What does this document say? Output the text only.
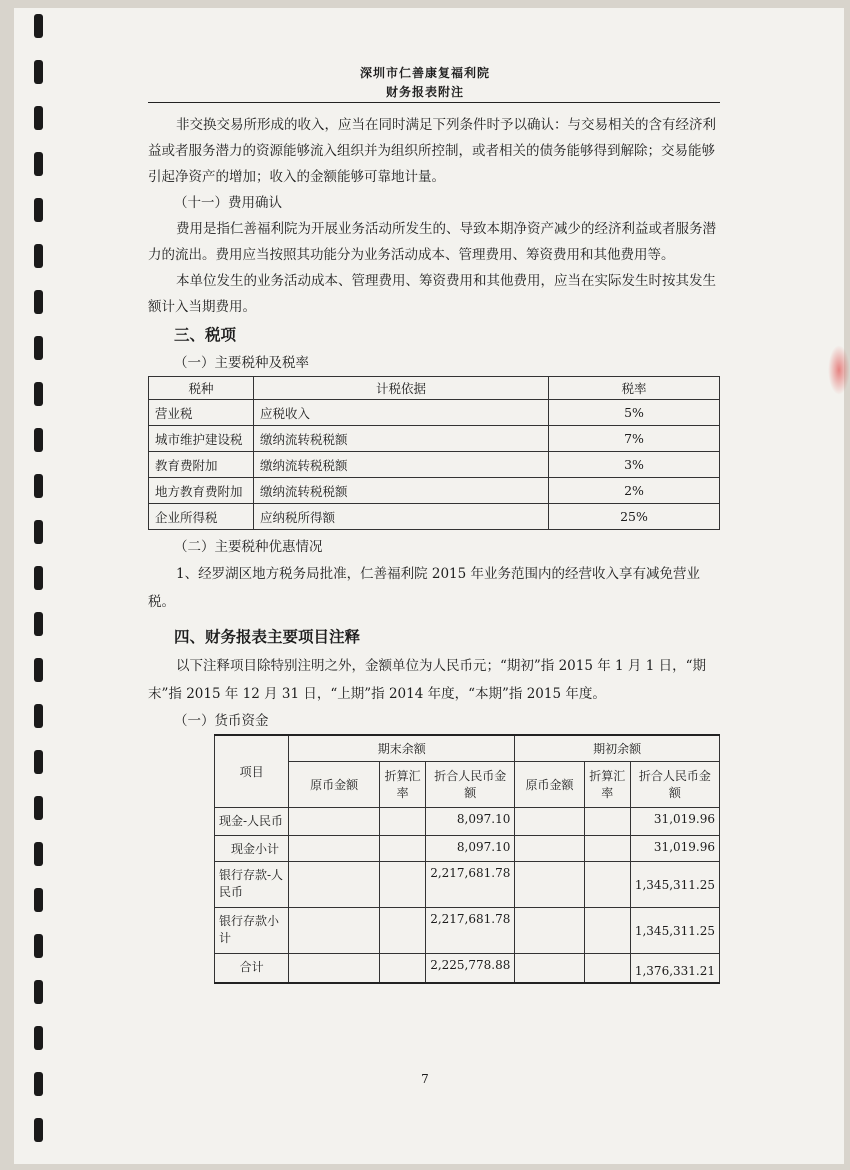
深圳市仁善康复福利院
财务报表附注

非交换交易所形成的收入，应当在同时满足下列条件时予以确认：与交易相关的含有经济利益或者服务潜力的资源能够流入组织并为组织所控制，或者相关的债务能够得到解除；交易能够引起净资产的增加；收入的金额能够可靠地计量。

（十一）费用确认

费用是指仁善福利院为开展业务活动所发生的、导致本期净资产减少的经济利益或者服务潜力的流出。费用应当按照其功能分为业务活动成本、管理费用、筹资费用和其他费用等。

本单位发生的业务活动成本、管理费用、筹资费用和其他费用，应当在实际发生时按其发生额计入当期费用。

三、税项

（一）主要税种及税率

税种	计税依据	税率
营业税	应税收入	5%
城市维护建设税	缴纳流转税税额	7%
教育费附加	缴纳流转税税额	3%
地方教育费附加	缴纳流转税税额	2%
企业所得税	应纳税所得额	25%

（二）主要税种优惠情况

1、经罗湖区地方税务局批准，仁善福利院 2015 年业务范围内的经营收入享有减免营业税。

四、财务报表主要项目注释

以下注释项目除特别注明之外，金额单位为人民币元；“期初”指 2015 年 1 月 1 日，“期末”指 2015 年 12 月 31 日，“上期”指 2014 年度，“本期”指 2015 年度。

（一）货币资金

项目	期末余额			期初余额		
	原币金额	折算汇率	折合人民币金额	原币金额	折算汇率	折合人民币金额
现金-人民币			8,097.10			31,019.96
现金小计			8,097.10			31,019.96
银行存款-人民币			2,217,681.78			1,345,311.25
银行存款小计			2,217,681.78			1,345,311.25
合计			2,225,778.88			1,376,331.21
7
